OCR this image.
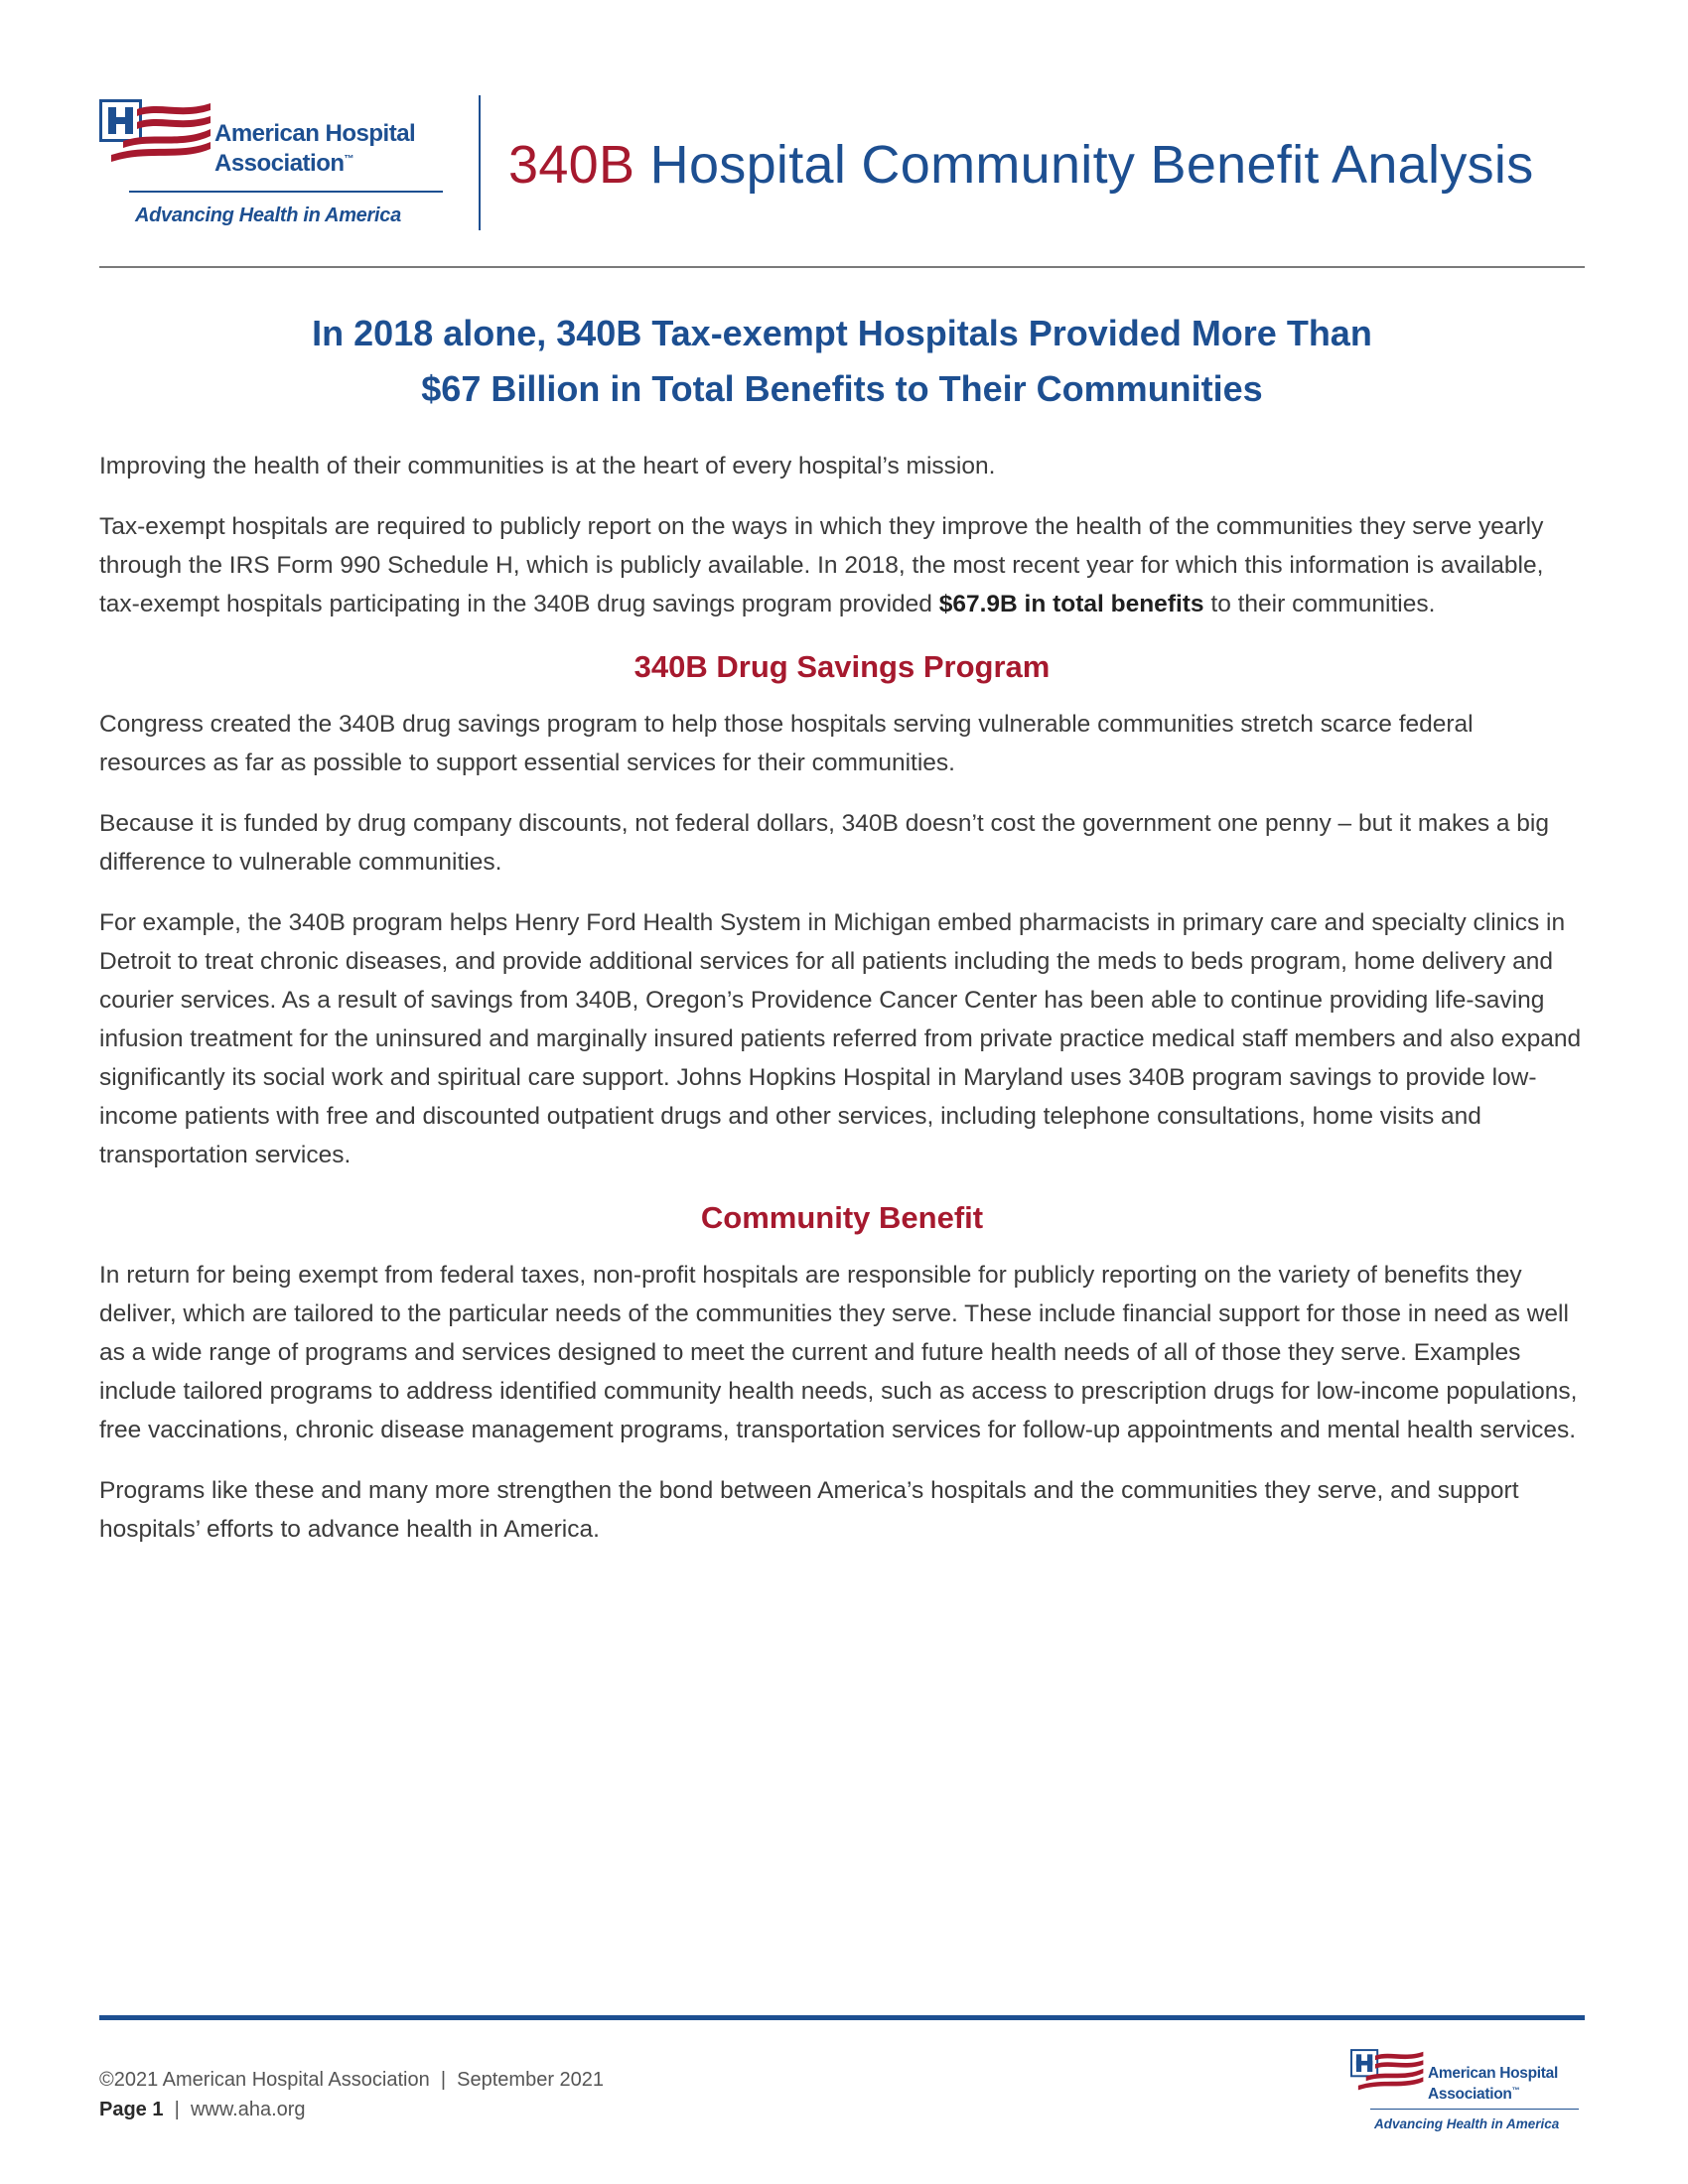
American Hospital
Association™
Advancing Health in America
340B Hospital Community Benefit Analysis
In 2018 alone, 340B Tax-exempt Hospitals Provided More Than
$67 Billion in Total Benefits to Their Communities

Improving the health of their communities is at the heart of every hospital’s mission.

Tax-exempt hospitals are required to publicly report on the ways in which they improve the health of the communities they serve yearly through the IRS Form 990 Schedule H, which is publicly available. In 2018, the most recent year for which this information is available, tax-exempt hospitals participating in the 340B drug savings program provided $67.9B in total benefits to their communities.

340B Drug Savings Program

Congress created the 340B drug savings program to help those hospitals serving vulnerable communities stretch scarce federal resources as far as possible to support essential services for their communities.

Because it is funded by drug company discounts, not federal dollars, 340B doesn’t cost the government one penny – but it makes a big difference to vulnerable communities.

For example, the 340B program helps Henry Ford Health System in Michigan embed pharmacists in primary care and specialty clinics in Detroit to treat chronic diseases, and provide additional services for all patients including the meds to beds program, home delivery and courier services. As a result of savings from 340B, Oregon’s Providence Cancer Center has been able to continue providing life-saving infusion treatment for the uninsured and marginally insured patients referred from private practice medical staff members and also expand significantly its social work and spiritual care support. Johns Hopkins Hospital in Maryland uses 340B program savings to provide low-income patients with free and discounted outpatient drugs and other services, including telephone consultations, home visits and transportation services.

Community Benefit

In return for being exempt from federal taxes, non-profit hospitals are responsible for publicly reporting on the variety of benefits they deliver, which are tailored to the particular needs of the communities they serve. These include financial support for those in need as well as a wide range of programs and services designed to meet the current and future health needs of all of those they serve. Examples include tailored programs to address identified community health needs, such as access to prescription drugs for low-income populations, free vaccinations, chronic disease management programs, transportation services for follow-up appointments and mental health services.

Programs like these and many more strengthen the bond between America’s hospitals and the communities they serve, and support hospitals’ efforts to advance health in America.

©2021 American Hospital Association | September 2021
Page 1 | www.aha.org
American Hospital
Association™
Advancing Health in America
